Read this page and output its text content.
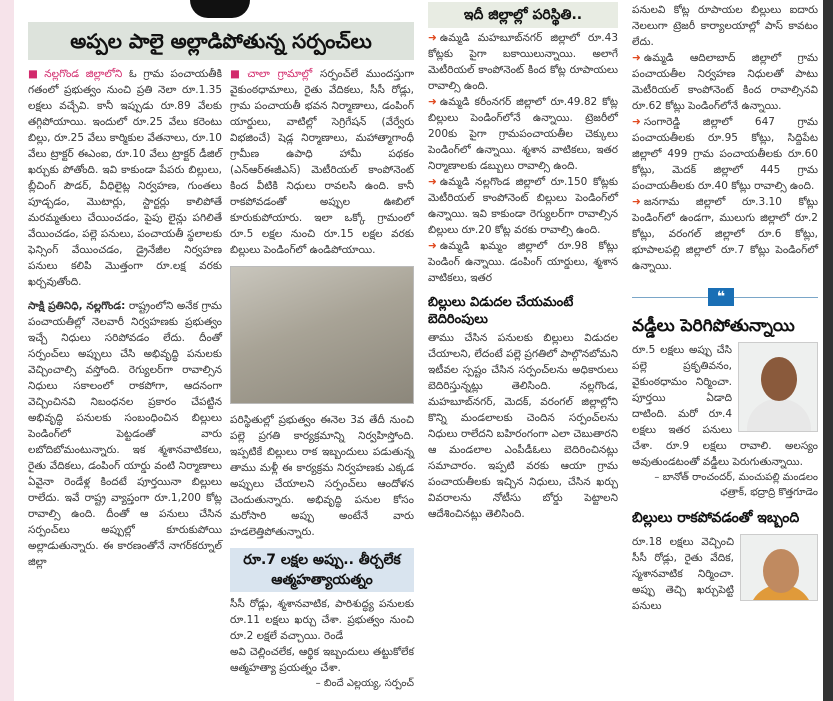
అప్పల పాలై అల్లాడిపోతున్న సర్పంచ్‌లు
■ నల్లగొండ జిల్లాలోని ఓ గ్రామ పంచాయతీకి గతంలో ప్రభుత్వం నుంచి ప్రతి నెలా రూ.1.35 లక్షలు వచ్చేవి. కానీ ఇప్పుడు రూ.89 వేలకు తగ్గిపోయాయి. ఇందులో రూ.25 వేలు కరెంటు బిల్లు, రూ.25 వేలు కార్మికుల వేతనాలు, రూ.10 వేలు ట్రాక్టర్ ఈఎంఐ, రూ.10 వేలు ట్రాక్టర్ డీజిల్ ఖర్చుకు పోతోంది. ఇవి కాకుండా పేపరు బిల్లులు, బ్లీచింగ్ పౌడర్, వీధిలైట్ల నిర్వహణ, గుంతలు పూడ్చడం, మొటార్లు, స్టార్టర్లు కాలిపోతే మరమ్మతులు చేయించడం, పైపు లైన్లు పగిలితే వేయించడం, పల్లె పనులు, పంచాయతీ స్థలాలకు ఫెన్సింగ్ వేయించడం, డ్రైనేజీల నిర్వహణ పనులు కలిపి మొత్తంగా రూ.లక్ష వరకు ఖర్చవుతోంది.
సాక్షి ప్రతినిధి, నల్లగొండ: రాష్ట్రంలోని అనేక గ్రామ పంచాయతీల్లో నెలవారీ నిర్వహణకు ప్రభుత్వం ఇచ్చే నిధులు సరిపోవడం లేదు. దీంతో సర్పంచ్‌లు అప్పులు చేసి అభివృద్ధి పనులకు వెచ్చించాల్సి వస్తోంది. రెగ్యులర్‌గా రావాల్సిన నిధులు సకాలంలో రాకపోగా, ఆదనంగా వెచ్చించినవి నిబంధనల ప్రకారం చేపట్టిన అభివృద్ధి పనులకు సంబంధించిన బిల్లులు పెండింగ్‌లో పెట్టడంతో వారు లబోదిబోమంటున్నారు. ఇక శ్మశానవాటికలు, రైతు వేదికలు, డంపింగ్ యార్డు వంటి నిర్మాణాలు ఏవైనా రెండేళ్ల కిందటే పూర్తయినా బిల్లులు రాలేదు. ఇవే రాష్ట్ర వ్యాప్తంగా రూ.1,200 కోట్ల రావాల్సి ఉంది. దీంతో ఆ పనులు చేసిన సర్పంచ్‌లు అప్పుల్లో కూరుకుపోయి అల్లాడుతున్నారు. ఈ కారణంతోనే నాగర్‌కర్నూల్ జిల్లా
■ చాలా గ్రామాల్లో సర్పంచ్‌లే ముందస్తుగా వైకుంఠధామాలు, రైతు వేదికలు, సీసీ రోడ్లు, గ్రామ పంచాయతీ భవన నిర్మాణాలు, డంపింగ్ యార్డులు, వాటిల్లో సెగ్రిగేషన్ (వేర్వేరు విభజించే) షెడ్ల నిర్మాణాలు, మహాత్మాగాంధీ గ్రామీణ ఉపాధి హామీ పథకం (ఎన్ఆర్ఈజీఎస్) మెటీరియల్ కాంపోనెంట్ కింద వీటికి నిధులు రావలసి ఉంది. కానీ రాకపోవడంతో అప్పుల ఊబిలో కూరుకుపోయారు. ఇలా ఒక్కో గ్రామంలో రూ.5 లక్షల నుంచి రూ.15 లక్షల వరకు బిల్లులు పెండింగ్‌లో ఉండిపోయాయి.
పరిస్థితుల్లో ప్రభుత్వం ఈనెల 3వ తేదీ నుంచి పల్లె ప్రగతి కార్యక్రమాన్ని నిర్వహిస్తోంది. ఇప్పటికే బిల్లులు రాక ఇబ్బందులు పడుతున్న తాము మళ్లీ ఈ కార్యక్రమ నిర్వహణకు ఎక్కడ అప్పులు చేయాలని సర్పంచ్‌లు ఆందోళన చెందుతున్నారు. అభివృద్ధి పనుల కోసం మరోసారి అప్పు అంటేనే వారు హడలెత్తిపోతున్నారు.
రూ.7 లక్షల అప్పు.. తీర్చలేక ఆత్మహత్యాయత్నం
సీసీ రోడ్లు, శ్మశానవాటిక, పారిశుద్ధ్య పనులకు రూ.11 లక్షలు ఖర్చు చేశా. ప్రభుత్వం నుంచి రూ.2 లక్షలే వచ్చాయి. రెండే
అవి చెల్లించలేక, ఆర్థిక ఇబ్బందులు తట్టుకోలేక ఆత్మహత్యా ప్రయత్నం చేశా.
– బిందే ఎల్లయ్య, సర్పంచ్
ఇదీ జిల్లాల్లో పరిస్థితి..
➜ ఉమ్మడి మహబూబ్‌నగర్ జిల్లాలో రూ.43 కోట్లకు పైగా బకాయిలున్నాయి. అలాగే మెటీరియల్ కాంపోనెంట్ కింద కోట్ల రూపాయలు రావాల్సి ఉంది.
➜ ఉమ్మడి కరీంనగర్ జిల్లాలో రూ.49.82 కోట్ల బిల్లులు పెండింగ్‌లోనే ఉన్నాయి. ట్రెజరీలో 200కు పైగా గ్రామపంచాయతీల చెక్కులు పెండింగ్‌లో ఉన్నాయి. శ్మశాన వాటికలు, ఇతర నిర్మాణాలకు డబ్బులు రావాల్సి ఉంది.
➜ ఉమ్మడి నల్లగొండ జిల్లాలో రూ.150 కోట్లకు మెటీరియల్ కాంపోనెంట్ బిల్లులు పెండింగ్‌లో ఉన్నాయి. ఇవి కాకుండా రెగ్యులర్‌గా రావాల్సిన బిల్లులు రూ.20 కోట్ల వరకు రావాల్సి ఉంది.
➜ ఉమ్మడి ఖమ్మం జిల్లాలో రూ.98 కోట్లు పెండింగ్ ఉన్నాయి. డంపింగ్ యార్డులు, శ్మశాన వాటికలు, ఇతర
బిల్లులు విడుదల చేయమంటే బెదిరింపులు
తాము చేసిన పనులకు బిల్లులు విడుదల చేయాలని, లేదంటే పల్లె ప్రగతిలో పాల్గొనబోమని ఇటీవల స్పష్టం చేసిన సర్పంచ్‌లను అధికారులు బెదిరిస్తున్నట్లు తెలిసింది. నల్లగొండ, మహబూబ్‌నగర్, మెదక్, వరంగల్ జిల్లాల్లోని కొన్ని మండలాలకు చెందిన సర్పంచ్‌లను నిధులు రాలేదని బహిరంగంగా ఎలా చెబుతారని ఆ మండలాల ఎంపీడీఓలు బెదిరించినట్లు సమాచారం. ఇప్పటి వరకు ఆయా గ్రామ పంచాయతీలకు ఇచ్చిన నిధులు, చేసిన ఖర్చు వివరాలను నోటీసు బోర్డు పెట్టాలని ఆదేశించినట్లు తెలిసింది.
పనులవి కోట్ల రూపాయల బిల్లులు ఐదారు నెలలుగా ట్రెజరీ కార్యాలయాల్లో పాస్ కావటం లేదు.
➜ ఉమ్మడి ఆదిలాబాద్ జిల్లాలో గ్రామ పంచాయతీల నిర్వహణ నిధులతో పాటు మెటీరియల్ కాంపోనెంట్ కింద రావాల్సినవి రూ.62 కోట్లు పెండింగ్‌లోనే ఉన్నాయి.
➜ సంగారెడ్డి జిల్లాలో 647 గ్రామ పంచాయతీలకు రూ.95 కోట్లు, సిద్దిపేట జిల్లాలో 499 గ్రామ పంచాయతీలకు రూ.60 కోట్లు, మెదక్ జిల్లాలో 445 గ్రామ పంచాయతీలకు రూ.40 కోట్లు రావాల్సి ఉంది.
➜ జనగామ జిల్లాలో రూ.3.10 కోట్లు పెండింగ్‌లో ఉండగా, ములుగు జిల్లాలో రూ.2 కోట్లు, వరంగల్ జిల్లాలో రూ.6 కోట్లు, భూపాలపల్లి జిల్లాలో రూ.7 కోట్లు పెండింగ్‌లో ఉన్నాయి.
❝
వడ్డీలు పెరిగిపోతున్నాయి
రూ.5 లక్షలు అప్పు చేసి పల్లె ప్రకృతివనం, వైకుంఠధామం నిర్మించా. పూర్తయి ఏడాది దాటింది. మరో రూ.4 లక్షలు ఇతర పనులు చేశా. రూ.9 లక్షలు రావాలి. అలస్యం అవుతుండటంతో వడ్డీలు పెరుగుతున్నాయి.
– బానోత్ రాంచందర్, మంచుపల్లి మండలం ఛత్రాక్, భద్రాద్రి కొత్తగూడెం
బిల్లులు రాకపోవడంతో ఇబ్బంది
రూ.18 లక్షలు వెచ్చించి సీసీ రోడ్లు, రైతు వేదిక, స్మశానవాటిక నిర్మించా. అప్పు తెచ్చి ఖర్చుపెట్టి పనులు
